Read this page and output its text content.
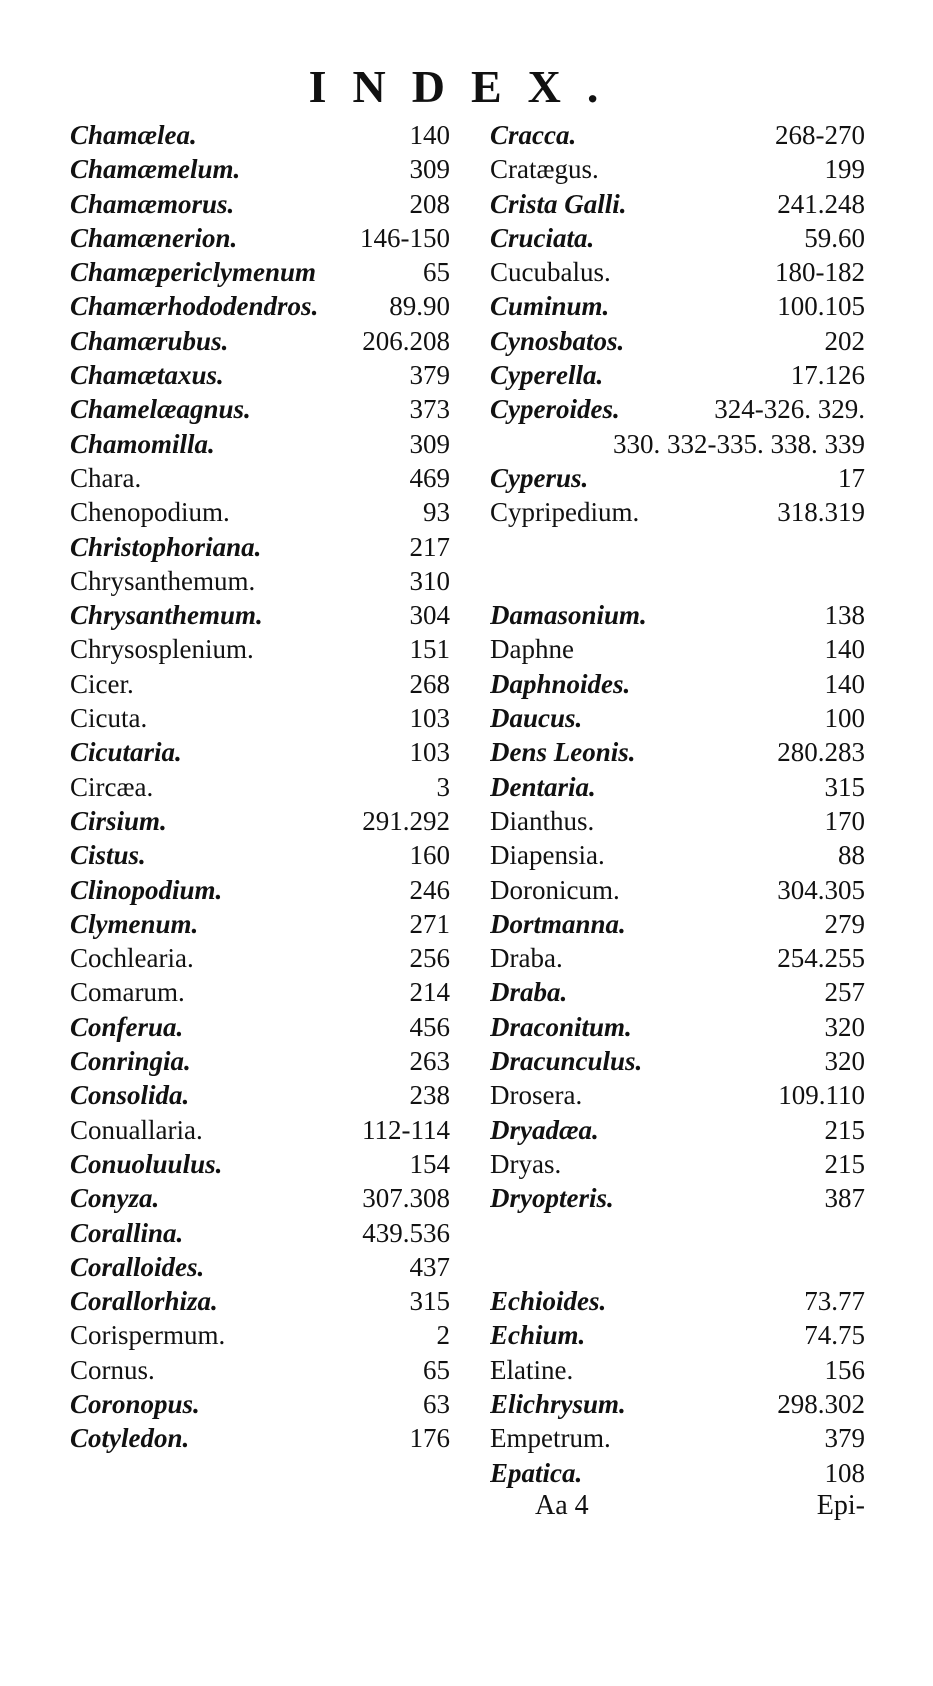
INDEX.
Chamælea.	140
Chamæmelum.	309
Chamæmorus.	208
Chamænerion.	146-150
Chamæpericlymenum	65
Chamærhododendros.	89.90
Chamærubus.	206.208
Chamætaxus.	379
Chamelæagnus.	373
Chamomilla.	309
Chara.	469
Chenopodium.	93
Christophoriana.	217
Chrysanthemum.	310
Chrysanthemum.	304
Chrysosplenium.	151
Cicer.	268
Cicuta.	103
Cicutaria.	103
Circæa.	3
Cirsium.	291.292
Cistus.	160
Clinopodium.	246
Clymenum.	271
Cochlearia.	256
Comarum.	214
Conferua.	456
Conringia.	263
Consolida.	238
Conuallaria.	112-114
Conuoluulus.	154
Conyza.	307.308
Corallina.	439.536
Coralloides.	437
Corallorhiza.	315
Corispermum.	2
Cornus.	65
Coronopus.	63
Cotyledon.	176
Cracca.	268-270
Cratægus.	199
Crista Galli.	241.248
Cruciata.	59.60
Cucubalus.	180-182
Cuminum.	100.105
Cynosbatos.	202
Cyperella.	17.126
Cyperoides.	324-326. 329.
330. 332-335. 338. 339
Cyperus.	17
Cypripedium.	318.319
Damasonium.	138
Daphne	140
Daphnoides.	140
Daucus.	100
Dens Leonis.	280.283
Dentaria.	315
Dianthus.	170
Diapensia.	88
Doronicum.	304.305
Dortmanna.	279
Draba.	254.255
Draba.	257
Draconitum.	320
Dracunculus.	320
Drosera.	109.110
Dryadæa.	215
Dryas.	215
Dryopteris.	387
Echioides.	73.77
Echium.	74.75
Elatine.	156
Elichrysum.	298.302
Empetrum.	379
Epatica.	108
Aa 4	Epi-
